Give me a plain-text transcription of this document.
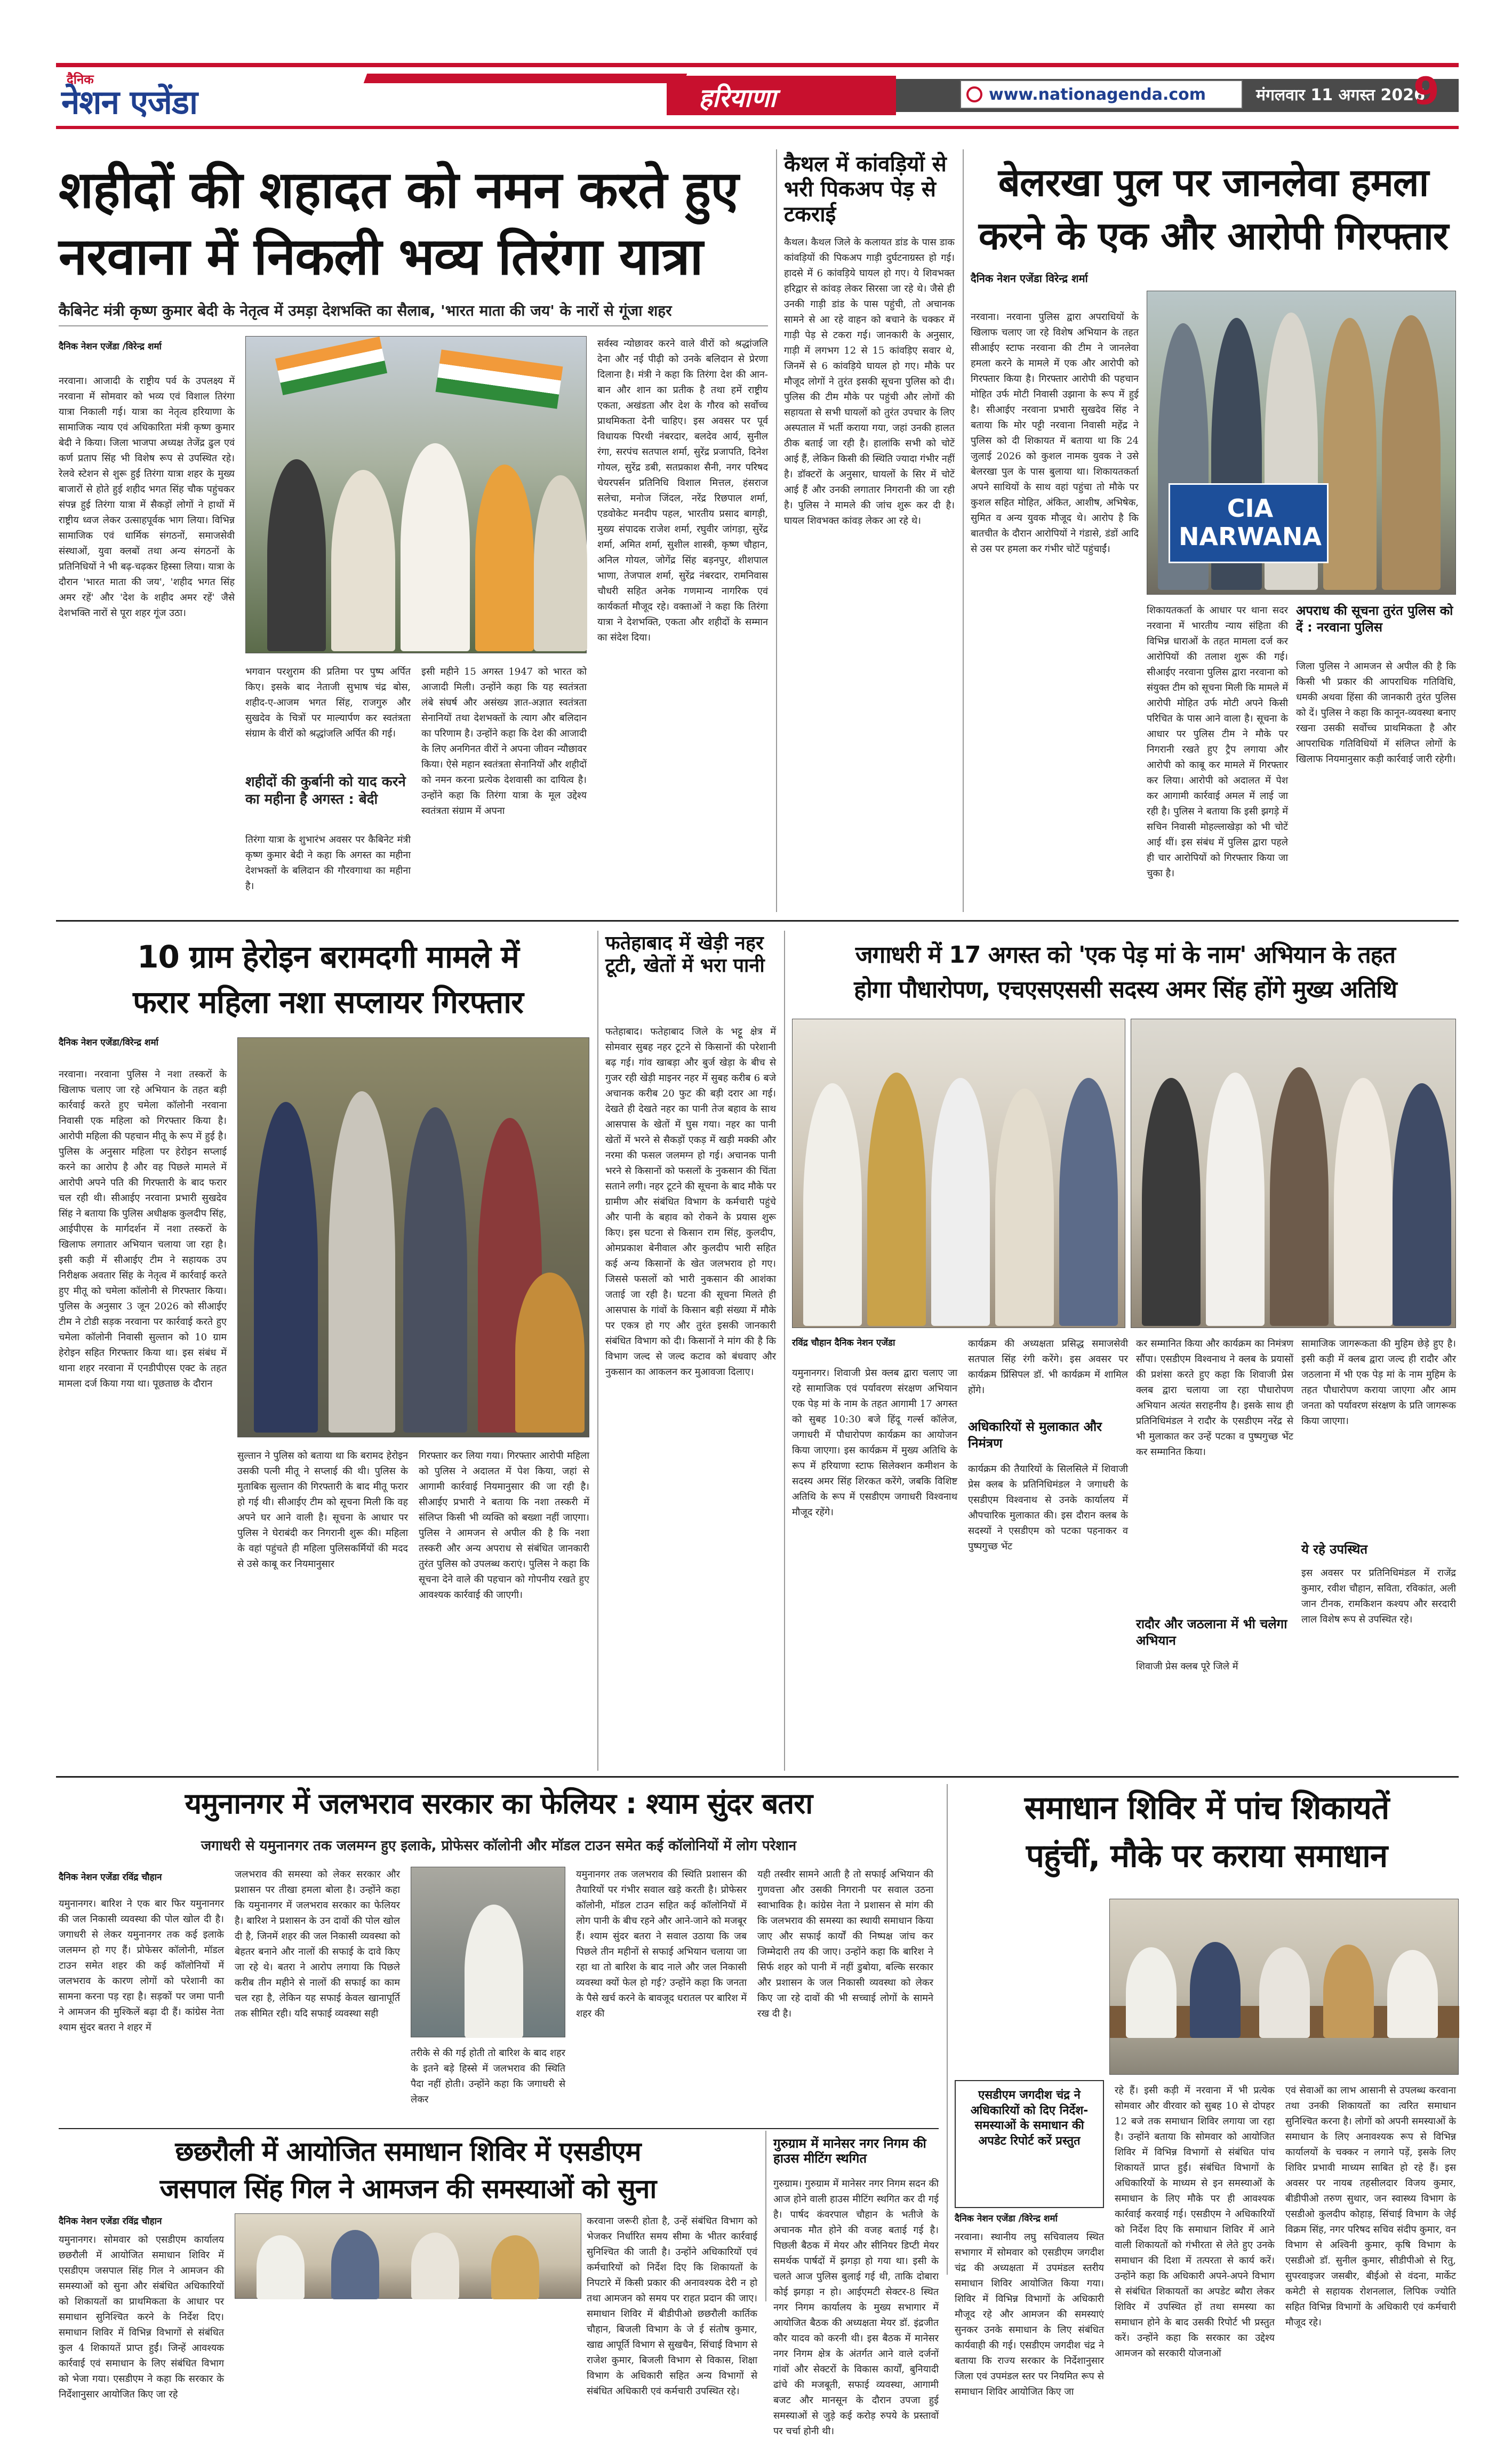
दैनिक
नेशन एजेंडा	हरियाणा	www.nationagenda.com	मंगलवार 11 अगस्त 2026
9
शहीदों की शहादत को नमन करते हुए
नरवाना में निकली भव्य तिरंगा यात्रा
कैबिनेट मंत्री कृष्ण कुमार बेदी के नेतृत्व में उमड़ा देशभक्ति का सैलाब, 'भारत माता की जय' के नारों से गूंजा शहर
दैनिक नेशन एजेंडा /विरेन्द्र शर्मा
नरवाना। आजादी के राष्ट्रीय पर्व के उपलक्ष्य में नरवाना में सोमवार को भव्य एवं विशाल तिरंगा यात्रा निकाली गई। यात्रा का नेतृत्व हरियाणा के सामाजिक न्याय एवं अधिकारिता मंत्री कृष्ण कुमार बेदी ने किया। जिला भाजपा अध्यक्ष तेजेंद्र ढुल एवं कर्ण प्रताप सिंह भी विशेष रूप से उपस्थित रहे। रेलवे स्टेशन से शुरू हुई तिरंगा यात्रा शहर के मुख्य बाजारों से होते हुई शहीद भगत सिंह चौक पहुंचकर संपन्न हुई तिरंगा यात्रा में सैकड़ों लोगों ने हाथों में राष्ट्रीय ध्वज लेकर उत्साहपूर्वक भाग लिया। विभिन्न सामाजिक एवं धार्मिक संगठनों, समाजसेवी संस्थाओं, युवा क्लबों तथा अन्य संगठनों के प्रतिनिधियों ने भी बढ़-चढ़कर हिस्सा लिया। यात्रा के दौरान 'भारत माता की जय', 'शहीद भगत सिंह अमर रहें' और 'देश के शहीद अमर रहें' जैसे देशभक्ति नारों से पूरा शहर गूंज उठा।
सर्वस्व न्योछावर करने वाले वीरों को श्रद्धांजलि देना और नई पीढ़ी को उनके बलिदान से प्रेरणा दिलाना है। मंत्री ने कहा कि तिरंगा देश की आन-बान और शान का प्रतीक है तथा हमें राष्ट्रीय एकता, अखंडता और देश के गौरव को सर्वोच्च प्राथमिकता देनी चाहिए। इस अवसर पर पूर्व विधायक पिरथी नंबरदार, बलदेव आर्य, सुनील रंगा, सरपंच सतपाल शर्मा, सुरेंद्र प्रजापति, दिनेश गोयल, सुरेंद्र डबी, सतप्रकाश सैनी, नगर परिषद चेयरपर्सन प्रतिनिधि विशाल मित्तल, हंसराज सलेचा, मनोज जिंदल, नरेंद्र रिछपाल शर्मा, एडवोकेट मनदीप पहल, भारतीय प्रसाद बागड़ी, मुख्य संपादक राजेश शर्मा, रघुवीर जांगड़ा, सुरेंद्र शर्मा, अमित शर्मा, सुशील शास्त्री, कृष्ण चौहान, अनिल गोयल, जोगेंद्र सिंह बड़नपुर, शीशपाल भाणा, तेजपाल शर्मा, सुरेंद्र नंबरदार, रामनिवास चौधरी सहित अनेक गणमान्य नागरिक एवं कार्यकर्ता मौजूद रहे। वक्ताओं ने कहा कि तिरंगा यात्रा ने देशभक्ति, एकता और शहीदों के सम्मान का संदेश दिया।
भगवान परशुराम की प्रतिमा पर पुष्प अर्पित किए। इसके बाद नेताजी सुभाष चंद्र बोस, शहीद-ए-आजम भगत सिंह, राजगुरु और सुखदेव के चित्रों पर माल्यार्पण कर स्वतंत्रता संग्राम के वीरों को श्रद्धांजलि अर्पित की गई।
शहीदों की कुर्बानी को याद करने का महीना है अगस्त : बेदी
तिरंगा यात्रा के शुभारंभ अवसर पर कैबिनेट मंत्री कृष्ण कुमार बेदी ने कहा कि अगस्त का महीना देशभक्तों के बलिदान की गौरवगाथा का महीना है।
इसी महीने 15 अगस्त 1947 को भारत को आजादी मिली। उन्होंने कहा कि यह स्वतंत्रता लंबे संघर्ष और असंख्य ज्ञात-अज्ञात स्वतंत्रता सेनानियों तथा देशभक्तों के त्याग और बलिदान का परिणाम है। उन्होंने कहा कि देश की आजादी के लिए अनगिनत वीरों ने अपना जीवन न्यौछावर किया। ऐसे महान स्वतंत्रता सेनानियों और शहीदों को नमन करना प्रत्येक देशवासी का दायित्व है। उन्होंने कहा कि तिरंगा यात्रा के मूल उद्देश्य स्वतंत्रता संग्राम में अपना
कैथल में कांवड़ियों से भरी पिकअप पेड़ से टकराई
कैथल। कैथल जिले के कलायत डांड के पास डाक कांवड़ियों की पिकअप गाड़ी दुर्घटनाग्रस्त हो गई। हादसे में 6 कांवड़िये घायल हो गए। ये शिवभक्त हरिद्वार से कांवड़ लेकर सिरसा जा रहे थे। जैसे ही उनकी गाड़ी डांड के पास पहुंची, तो अचानक सामने से आ रहे वाहन को बचाने के चक्कर में गाड़ी पेड़ से टकरा गई। जानकारी के अनुसार, गाड़ी में लगभग 12 से 15 कांवड़िए सवार थे, जिनमें से 6 कांवड़िये घायल हो गए। मौके पर मौजूद लोगों ने तुरंत इसकी सूचना पुलिस को दी। पुलिस की टीम मौके पर पहुंची और लोगों की सहायता से सभी घायलों को तुरंत उपचार के लिए अस्पताल में भर्ती कराया गया, जहां उनकी हालत ठीक बताई जा रही है। हालांकि सभी को चोटें आई हैं, लेकिन किसी की स्थिति ज्यादा गंभीर नहीं है। डॉक्टरों के अनुसार, घायलों के सिर में चोटें आई हैं और उनकी लगातार निगरानी की जा रही है। पुलिस ने मामले की जांच शुरू कर दी है। घायल शिवभक्त कांवड़ लेकर आ रहे थे।
बेलरखा पुल पर जानलेवा हमला
करने के एक और आरोपी गिरफ्तार
दैनिक नेशन एजेंडा विरेन्द्र शर्मा
नरवाना। नरवाना पुलिस द्वारा अपराधियों के खिलाफ चलाए जा रहे विशेष अभियान के तहत सीआईए स्टाफ नरवाना की टीम ने जानलेवा हमला करने के मामले में एक और आरोपी को गिरफ्तार किया है। गिरफ्तार आरोपी की पहचान मोहित उर्फ मोटी निवासी उझाना के रूप में हुई है। सीआईए नरवाना प्रभारी सुखदेव सिंह ने बताया कि मोर पट्टी नरवाना निवासी महेंद्र ने पुलिस को दी शिकायत में बताया था कि 24 जुलाई 2026 को कुशल नामक युवक ने उसे बेलरखा पुल के पास बुलाया था। शिकायतकर्ता अपने साथियों के साथ वहां पहुंचा तो मौके पर कुशल सहित मोहित, अंकित, आशीष, अभिषेक, सुमित व अन्य युवक मौजूद थे। आरोप है कि बातचीत के दौरान आरोपियों ने गंडासे, डंडों आदि से उस पर हमला कर गंभीर चोटें पहुंचाईं।
CIA NARWANA
अपराध की सूचना तुरंत पुलिस को दें : नरवाना पुलिस
जिला पुलिस ने आमजन से अपील की है कि किसी भी प्रकार की आपराधिक गतिविधि, धमकी अथवा हिंसा की जानकारी तुरंत पुलिस को दें। पुलिस ने कहा कि कानून-व्यवस्था बनाए रखना उसकी सर्वोच्च प्राथमिकता है और आपराधिक गतिविधियों में संलिप्त लोगों के खिलाफ नियमानुसार कड़ी कार्रवाई जारी रहेगी।
शिकायतकर्ता के आधार पर थाना सदर नरवाना में भारतीय न्याय संहिता की विभिन्न धाराओं के तहत मामला दर्ज कर आरोपियों की तलाश शुरू की गई। सीआईए नरवाना पुलिस द्वारा नरवाना को संयुक्त टीम को सूचना मिली कि मामले में आरोपी मोहित उर्फ मोटी अपने किसी परिचित के पास आने वाला है। सूचना के आधार पर पुलिस टीम ने मौके पर निगरानी रखते हुए ट्रैप लगाया और आरोपी को काबू कर मामले में गिरफ्तार कर लिया। आरोपी को अदालत में पेश कर आगामी कार्रवाई अमल में लाई जा रही है। पुलिस ने बताया कि इसी झगड़े में सचिन निवासी मोहल्लाखेड़ा को भी चोटें आई थीं। इस संबंध में पुलिस द्वारा पहले ही चार आरोपियों को गिरफ्तार किया जा चुका है।
10 ग्राम हेरोइन बरामदगी मामले में
फरार महिला नशा सप्लायर गिरफ्तार
दैनिक नेशन एजेंडा/विरेन्द्र शर्मा
नरवाना। नरवाना पुलिस ने नशा तस्करों के खिलाफ चलाए जा रहे अभियान के तहत बड़ी कार्रवाई करते हुए चमेला कॉलोनी नरवाना निवासी एक महिला को गिरफ्तार किया है। आरोपी महिला की पहचान मीतू के रूप में हुई है। पुलिस के अनुसार महिला पर हेरोइन सप्लाई करने का आरोप है और वह पिछले मामले में आरोपी अपने पति की गिरफ्तारी के बाद फरार चल रही थी। सीआईए नरवाना प्रभारी सुखदेव सिंह ने बताया कि पुलिस अधीक्षक कुलदीप सिंह, आईपीएस के मार्गदर्शन में नशा तस्करों के खिलाफ लगातार अभियान चलाया जा रहा है। इसी कड़ी में सीआईए टीम ने सहायक उप निरीक्षक अवतार सिंह के नेतृत्व में कार्रवाई करते हुए मीतू को चमेला कॉलोनी से गिरफ्तार किया। पुलिस के अनुसार 3 जून 2026 को सीआईए टीम ने टोडी सड़क नरवाना पर कार्रवाई करते हुए चमेला कॉलोनी निवासी सुल्तान को 10 ग्राम हेरोइन सहित गिरफ्तार किया था। इस संबंध में थाना शहर नरवाना में एनडीपीएस एक्ट के तहत मामला दर्ज किया गया था। पूछताछ के दौरान
सुल्तान ने पुलिस को बताया था कि बरामद हेरोइन उसकी पत्नी मीतू ने सप्लाई की थी। पुलिस के मुताबिक सुल्तान की गिरफ्तारी के बाद मीतू फरार हो गई थी। सीआईए टीम को सूचना मिली कि वह अपने घर आने वाली है। सूचना के आधार पर पुलिस ने घेराबंदी कर निगरानी शुरू की। महिला के वहां पहुंचते ही महिला पुलिसकर्मियों की मदद से उसे काबू कर नियमानुसार
गिरफ्तार कर लिया गया। गिरफ्तार आरोपी महिला को पुलिस ने अदालत में पेश किया, जहां से आगामी कार्रवाई नियमानुसार की जा रही है। सीआईए प्रभारी ने बताया कि नशा तस्करी में संलिप्त किसी भी व्यक्ति को बख्शा नहीं जाएगा। पुलिस ने आमजन से अपील की है कि नशा तस्करी और अन्य अपराध से संबंधित जानकारी तुरंत पुलिस को उपलब्ध कराएं। पुलिस ने कहा कि सूचना देने वाले की पहचान को गोपनीय रखते हुए आवश्यक कार्रवाई की जाएगी।
फतेहाबाद में खेड़ी नहर टूटी, खेतों में भरा पानी
फतेहाबाद। फतेहाबाद जिले के भट्टू क्षेत्र में सोमवार सुबह नहर टूटने से किसानों की परेशानी बढ़ गई। गांव खाबड़ा और बुर्ज खेड़ा के बीच से गुजर रही खेड़ी माइनर नहर में सुबह करीब 6 बजे अचानक करीब 20 फुट की बड़ी दरार आ गई। देखते ही देखते नहर का पानी तेज बहाव के साथ आसपास के खेतों में घुस गया। नहर का पानी खेतों में भरने से सैकड़ों एकड़ में खड़ी मक्की और नरमा की फसल जलमग्न हो गई। अचानक पानी भरने से किसानों को फसलों के नुकसान की चिंता सताने लगी। नहर टूटने की सूचना के बाद मौके पर ग्रामीण और संबंधित विभाग के कर्मचारी पहुंचे और पानी के बहाव को रोकने के प्रयास शुरू किए। इस घटना से किसान राम सिंह, कुलदीप, ओमप्रकाश बेनीवाल और कुलदीप भारी सहित कई अन्य किसानों के खेत जलभराव हो गए। जिससे फसलों को भारी नुकसान की आशंका जताई जा रही है। घटना की सूचना मिलते ही आसपास के गांवों के किसान बड़ी संख्या में मौके पर एकत्र हो गए और तुरंत इसकी जानकारी संबंधित विभाग को दी। किसानों ने मांग की है कि विभाग जल्द से जल्द कटाव को बंधवाए और नुकसान का आकलन कर मुआवजा दिलाए।
जगाधरी में 17 अगस्त को 'एक पेड़ मां के नाम' अभियान के तहत
होगा पौधारोपण, एचएसएससी सदस्य अमर सिंह होंगे मुख्य अतिथि
रविंद्र चौहान दैनिक नेशन एजेंडा
यमुनानगर। शिवाजी प्रेस क्लब द्वारा चलाए जा रहे सामाजिक एवं पर्यावरण संरक्षण अभियान एक पेड़ मां के नाम के तहत आगामी 17 अगस्त को सुबह 10:30 बजे हिंदू गर्ल्स कॉलेज, जगाधरी में पौधारोपण कार्यक्रम का आयोजन किया जाएगा। इस कार्यक्रम में मुख्य अतिथि के रूप में हरियाणा स्टाफ सिलेक्शन कमीशन के सदस्य अमर सिंह शिरकत करेंगे, जबकि विशिष्ट अतिथि के रूप में एसडीएम जगाधरी विश्वनाथ मौजूद रहेंगे।
कार्यक्रम की अध्यक्षता प्रसिद्ध समाजसेवी सतपाल सिंह रंगी करेंगे। इस अवसर पर कार्यक्रम प्रिंसिपल डॉ. भी कार्यक्रम में शामिल होंगे।
अधिकारियों से मुलाकात और निमंत्रण
कार्यक्रम की तैयारियों के सिलसिले में शिवाजी प्रेस क्लब के प्रतिनिधिमंडल ने जगाधरी के एसडीएम विश्वनाथ से उनके कार्यालय में औपचारिक मुलाकात की। इस दौरान क्लब के सदस्यों ने एसडीएम को पटका पहनाकर व पुष्पगुच्छ भेंट
कर सम्मानित किया और कार्यक्रम का निमंत्रण सौंपा। एसडीएम विश्वनाथ ने क्लब के प्रयासों की प्रशंसा करते हुए कहा कि शिवाजी प्रेस क्लब द्वारा चलाया जा रहा पौधारोपण अभियान अत्यंत सराहनीय है। इसके साथ ही प्रतिनिधिमंडल ने रादौर के एसडीएम नरेंद्र से भी मुलाकात कर उन्हें पटका व पुष्पगुच्छ भेंट कर सम्मानित किया।
रादौर और जठलाना में भी चलेगा अभियान
शिवाजी प्रेस क्लब पूरे जिले में
सामाजिक जागरूकता की मुहिम छेड़े हुए है। इसी कड़ी में क्लब द्वारा जल्द ही रादौर और जठलाना में भी एक पेड़ मां के नाम मुहिम के तहत पौधारोपण कराया जाएगा और आम जनता को पर्यावरण संरक्षण के प्रति जागरूक किया जाएगा।
ये रहे उपस्थित
इस अवसर पर प्रतिनिधिमंडल में राजेंद्र कुमार, रवीश चौहान, सविता, रविकांत, अली जान टीनक, रामकिशन कश्यप और सरदारी लाल विशेष रूप से उपस्थित रहे।
यमुनानगर में जलभराव सरकार का फेलियर : श्याम सुंदर बतरा
जगाधरी से यमुनानगर तक जलमग्न हुए इलाके, प्रोफेसर कॉलोनी और मॉडल टाउन समेत कई कॉलोनियों में लोग परेशान
दैनिक नेशन एजेंडा रविंद्र चौहान
यमुनानगर। बारिश ने एक बार फिर यमुनानगर की जल निकासी व्यवस्था की पोल खोल दी है। जगाधरी से लेकर यमुनानगर तक कई इलाके जलमग्न हो गए हैं। प्रोफेसर कॉलोनी, मॉडल टाउन समेत शहर की कई कॉलोनियों में जलभराव के कारण लोगों को परेशानी का सामना करना पड़ रहा है। सड़कों पर जमा पानी ने आमजन की मुश्किलें बढ़ा दी हैं। कांग्रेस नेता श्याम सुंदर बतरा ने शहर में
जलभराव की समस्या को लेकर सरकार और प्रशासन पर तीखा हमला बोला है। उन्होंने कहा कि यमुनानगर में जलभराव सरकार का फेलियर है। बारिश ने प्रशासन के उन दावों की पोल खोल दी है, जिनमें शहर की जल निकासी व्यवस्था को बेहतर बनाने और नालों की सफाई के दावे किए जा रहे थे। बतरा ने आरोप लगाया कि पिछले करीब तीन महीने से नालों की सफाई का काम चल रहा है, लेकिन यह सफाई केवल खानापूर्ति तक सीमित रही। यदि सफाई व्यवस्था सही
तरीके से की गई होती तो बारिश के बाद शहर के इतने बड़े हिस्से में जलभराव की स्थिति पैदा नहीं होती। उन्होंने कहा कि जगाधरी से लेकर
यमुनानगर तक जलभराव की स्थिति प्रशासन की तैयारियों पर गंभीर सवाल खड़े करती है। प्रोफेसर कॉलोनी, मॉडल टाउन सहित कई कॉलोनियों में लोग पानी के बीच रहने और आने-जाने को मजबूर हैं। श्याम सुंदर बतरा ने सवाल उठाया कि जब पिछले तीन महीनों से सफाई अभियान चलाया जा रहा था तो बारिश के बाद नाले और जल निकासी व्यवस्था क्यों फेल हो गई? उन्होंने कहा कि जनता के पैसे खर्च करने के बावजूद धरातल पर बारिश में शहर की
यही तस्वीर सामने आती है तो सफाई अभियान की गुणवत्ता और उसकी निगरानी पर सवाल उठना स्वाभाविक है। कांग्रेस नेता ने प्रशासन से मांग की कि जलभराव की समस्या का स्थायी समाधान किया जाए और सफाई कार्यों की निष्पक्ष जांच कर जिम्मेदारी तय की जाए। उन्होंने कहा कि बारिश ने सिर्फ शहर को पानी में नहीं डुबोया, बल्कि सरकार और प्रशासन के जल निकासी व्यवस्था को लेकर किए जा रहे दावों की भी सच्चाई लोगों के सामने रख दी है।
समाधान शिविर में पांच शिकायतें
पहुंचीं, मौके पर कराया समाधान
एसडीएम जगदीश चंद्र ने अधिकारियों को दिए निर्देश- समस्याओं के समाधान की अपडेट रिपोर्ट करें प्रस्तुत
दैनिक नेशन एजेंडा /विरेन्द्र शर्मा
नरवाना। स्थानीय लघु सचिवालय स्थित सभागार में सोमवार को एसडीएम जगदीश चंद्र की अध्यक्षता में उपमंडल स्तरीय समाधान शिविर आयोजित किया गया। शिविर में विभिन्न विभागों के अधिकारी मौजूद रहे और आमजन की समस्याएं सुनकर उनके समाधान के लिए संबंधित कार्यवाही की गई। एसडीएम जगदीश चंद्र ने बताया कि राज्य सरकार के निर्देशानुसार जिला एवं उपमंडल स्तर पर नियमित रूप से समाधान शिविर आयोजित किए जा
रहे हैं। इसी कड़ी में नरवाना में भी प्रत्येक सोमवार और वीरवार को सुबह 10 से दोपहर 12 बजे तक समाधान शिविर लगाया जा रहा है। उन्होंने बताया कि सोमवार को आयोजित शिविर में विभिन्न विभागों से संबंधित पांच शिकायतें प्राप्त हुईं। संबंधित विभागों के अधिकारियों के माध्यम से इन समस्याओं के समाधान के लिए मौके पर ही आवश्यक कार्रवाई करवाई गई। एसडीएम ने अधिकारियों को निर्देश दिए कि समाधान शिविर में आने वाली शिकायतों को गंभीरता से लेते हुए उनके समाधान की दिशा में तत्परता से कार्य करें। उन्होंने कहा कि अधिकारी अपने-अपने विभाग से संबंधित शिकायतों का अपडेट ब्यौरा लेकर शिविर में उपस्थित हों तथा समस्या का समाधान होने के बाद उसकी रिपोर्ट भी प्रस्तुत करें। उन्होंने कहा कि सरकार का उद्देश्य आमजन को सरकारी योजनाओं
एवं सेवाओं का लाभ आसानी से उपलब्ध करवाना तथा उनकी शिकायतों का त्वरित समाधान सुनिश्चित करना है। लोगों को अपनी समस्याओं के समाधान के लिए अनावश्यक रूप से विभिन्न कार्यालयों के चक्कर न लगाने पड़ें, इसके लिए शिविर प्रभावी माध्यम साबित हो रहे हैं। इस अवसर पर नायब तहसीलदार विजय कुमार, बीडीपीओ तरुण सुथार, जन स्वास्थ्य विभाग के एसडीओ कुलदीप कोहाड़, सिंचाई विभाग के जेई विक्रम सिंह, नगर परिषद सचिव संदीप कुमार, वन विभाग से अश्विनी कुमार, कृषि विभाग के एसडीओ डॉ. सुनील कुमार, सीडीपीओ से रितु, सुपरवाइजर जसबीर, बीईओ से वंदना, मार्केट कमेटी से सहायक रोशनलाल, लिपिक ज्योति सहित विभिन्न विभागों के अधिकारी एवं कर्मचारी मौजूद रहे।
छछरौली में आयोजित समाधान शिविर में एसडीएम
जसपाल सिंह गिल ने आमजन की समस्याओं को सुना
दैनिक नेशन एजेंडा रविंद्र चौहान
यमुनानगर। सोमवार को एसडीएम कार्यालय छछरौली में आयोजित समाधान शिविर में एसडीएम जसपाल सिंह गिल ने आमजन की समस्याओं को सुना और संबंधित अधिकारियों को शिकायतों का प्राथमिकता के आधार पर समाधान सुनिश्चित करने के निर्देश दिए। समाधान शिविर में विभिन्न विभागों से संबंधित कुल 4 शिकायतें प्राप्त हुईं। जिन्हें आवश्यक कार्रवाई एवं समाधान के लिए संबंधित विभाग को भेजा गया। एसडीएम ने कहा कि सरकार के निर्देशानुसार आयोजित किए जा रहे
करवाना जरूरी होता है, उन्हें संबंधित विभाग को भेजकर निर्धारित समय सीमा के भीतर कार्रवाई सुनिश्चित की जाती है। उन्होंने अधिकारियों एवं कर्मचारियों को निर्देश दिए कि शिकायतों के निपटारे में किसी प्रकार की अनावश्यक देरी न हो तथा आमजन को समय पर राहत प्रदान की जाए। समाधान शिविर में बीडीपीओ छछरौली कार्तिक चौहान, बिजली विभाग के जे ई संतोष कुमार, खाद्य आपूर्ति विभाग से सुखचैन, सिंचाई विभाग से राजेश कुमार, बिजली विभाग से विकास, शिक्षा विभाग के अधिकारी सहित अन्य विभागों से संबंधित अधिकारी एवं कर्मचारी उपस्थित रहे।
गुरुग्राम में मानेसर नगर निगम की हाउस मीटिंग स्थगित
गुरुग्राम। गुरुग्राम में मानेसर नगर निगम सदन की आज होने वाली हाउस मीटिंग स्थगित कर दी गई है। पार्षद कंवरपाल चौहान के भतीजे के अचानक मौत होने की वजह बताई गई है। पिछली बैठक में मेयर और सीनियर डिप्टी मेयर समर्थक पार्षदों में झगड़ा हो गया था। इसी के चलते आज पुलिस बुलाई गई थी, ताकि दोबारा कोई झगड़ा न हो। आईएमटी सेक्टर-8 स्थित नगर निगम कार्यालय के मुख्य सभागार में आयोजित बैठक की अध्यक्षता मेयर डॉ. इंद्रजीत कौर यादव को करनी थी। इस बैठक में मानेसर नगर निगम क्षेत्र के अंतर्गत आने वाले दर्जनों गांवों और सेक्टरों के विकास कार्यों, बुनियादी ढांचे की मजबूती, सफाई व्यवस्था, आगामी बजट और मानसून के दौरान उपजा हुई समस्याओं से जुड़े कई करोड़ रुपये के प्रस्तावों पर चर्चा होनी थी।
